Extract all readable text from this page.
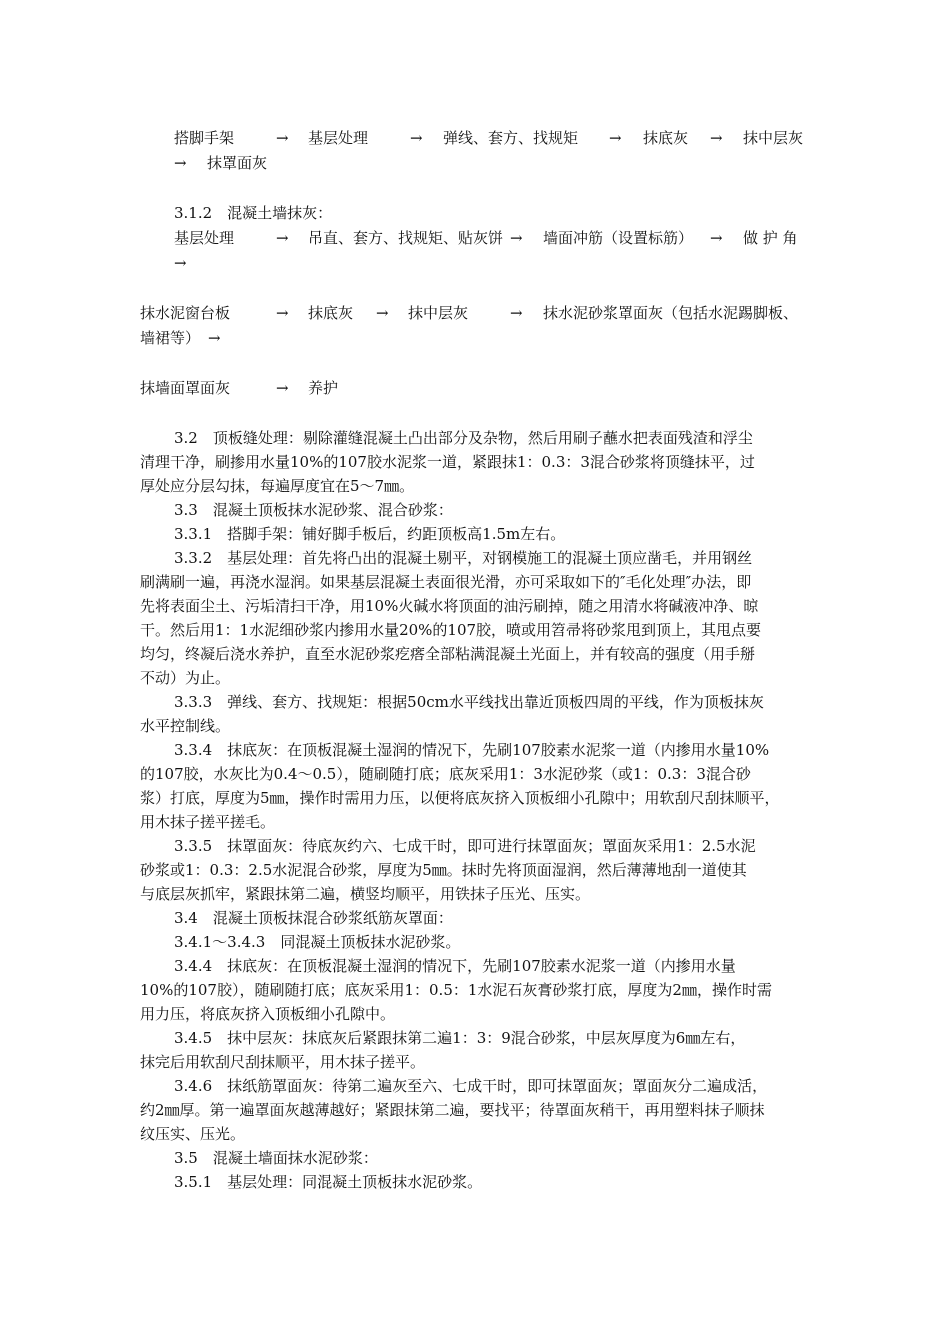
搭脚手架	→ 基层处理	→ 弹线、套方、找规矩 → 抹底灰 → 抹中层灰
→ 抹罩面灰
3.1.2　混凝土墙抹灰：
基层处理	→ 吊直、套方、找规矩、贴灰饼 → 墙面冲筋（设置标筋） → 做 护 角
→
抹水泥窗台板	→ 抹底灰 → 抹中层灰	→ 抹水泥砂浆罩面灰（包括水泥踢脚板、
墙裙等） →
抹墙面罩面灰	→ 养护
3.2　顶板缝处理：剔除灌缝混凝土凸出部分及杂物，然后用刷子蘸水把表面残渣和浮尘
清理干净，刷掺用水量10%的107胶水泥浆一道，紧跟抹1：0.3：3混合砂浆将顶缝抹平，过
厚处应分层勾抹，每遍厚度宜在5～7㎜。
3.3　混凝土顶板抹水泥砂浆、混合砂浆：
3.3.1　搭脚手架：铺好脚手板后，约距顶板高1.5m左右。
3.3.2　基层处理：首先将凸出的混凝土剔平，对钢模施工的混凝土顶应凿毛，并用钢丝
刷满刷一遍，再浇水湿润。如果基层混凝土表面很光滑，亦可采取如下的″毛化处理″办法，即
先将表面尘土、污垢清扫干净，用10%火碱水将顶面的油污刷掉，随之用清水将碱液冲净、晾
干。然后用1：1水泥细砂浆内掺用水量20%的107胶，喷或用笤帚将砂浆甩到顶上，其甩点要
均匀，终凝后浇水养护，直至水泥砂浆疙瘩全部粘满混凝土光面上，并有较高的强度（用手掰
不动）为止。
3.3.3　弹线、套方、找规矩：根据50cm水平线找出靠近顶板四周的平线，作为顶板抹灰
水平控制线。
3.3.4　抹底灰：在顶板混凝土湿润的情况下，先刷107胶素水泥浆一道（内掺用水量10%
的107胶，水灰比为0.4～0.5），随刷随打底；底灰采用1：3水泥砂浆（或1：0.3：3混合砂
浆）打底，厚度为5㎜，操作时需用力压，以便将底灰挤入顶板细小孔隙中；用软刮尺刮抹顺平，
用木抹子搓平搓毛。
3.3.5　抹罩面灰：待底灰约六、七成干时，即可进行抹罩面灰；罩面灰采用1：2.5水泥
砂浆或1：0.3：2.5水泥混合砂浆，厚度为5㎜。抹时先将顶面湿润，然后薄薄地刮一道使其
与底层灰抓牢，紧跟抹第二遍，横竖均顺平，用铁抹子压光、压实。
3.4　混凝土顶板抹混合砂浆纸筋灰罩面：
3.4.1～3.4.3　同混凝土顶板抹水泥砂浆。
3.4.4　抹底灰：在顶板混凝土湿润的情况下，先刷107胶素水泥浆一道（内掺用水量
10%的107胶），随刷随打底；底灰采用1：0.5：1水泥石灰膏砂浆打底，厚度为2㎜，操作时需
用力压，将底灰挤入顶板细小孔隙中。
3.4.5　抹中层灰：抹底灰后紧跟抹第二遍1：3：9混合砂浆，中层灰厚度为6㎜左右，
抹完后用软刮尺刮抹顺平，用木抹子搓平。
3.4.6　抹纸筋罩面灰：待第二遍灰至六、七成干时，即可抹罩面灰；罩面灰分二遍成活，
约2㎜厚。第一遍罩面灰越薄越好；紧跟抹第二遍，要找平；待罩面灰稍干，再用塑料抹子顺抹
纹压实、压光。
3.5　混凝土墙面抹水泥砂浆：
3.5.1　基层处理：同混凝土顶板抹水泥砂浆。
